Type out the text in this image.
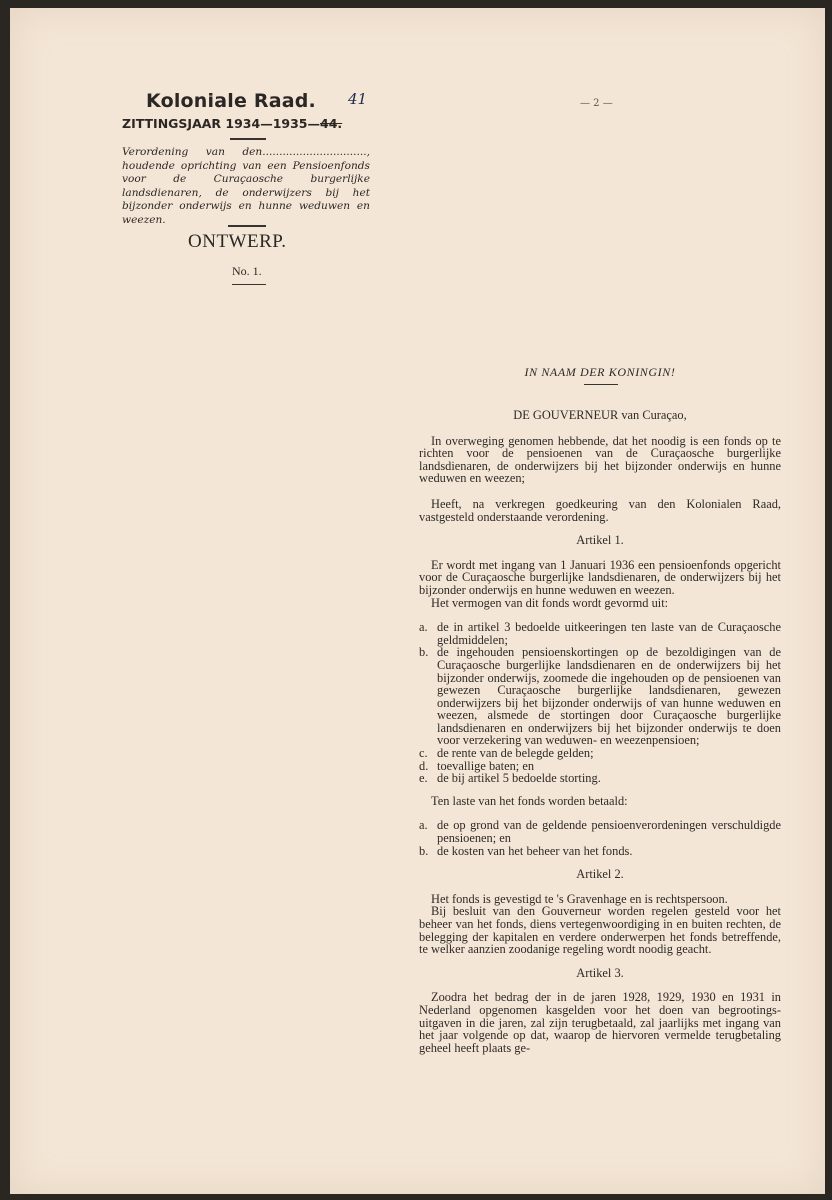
Koloniale Raad. 41
ZITTINGSJAAR 1934—1935—44.
Verordening van den..............................., houdende oprichting van een Pensioenfonds voor de Curaçaosche burgerlijke landsdienaren, de onderwijzers bij het bijzonder onderwijs en hunne weduwen en weezen.
ONTWERP.
No. 1.
— 2 —
IN NAAM DER KONINGIN!

DE GOUVERNEUR van Curaçao,

In overweging genomen hebbende, dat het noodig is een fonds op te richten voor de pensioenen van de Curaçaosche burgerlijke landsdienaren, de onderwijzers bij het bijzonder onderwijs en hunne weduwen en weezen;

Heeft, na verkregen goedkeuring van den Kolonialen Raad, vastgesteld onderstaande verordening.

Artikel 1.

Er wordt met ingang van 1 Januari 1936 een pensioenfonds opgericht voor de Curaçaosche burgerlijke landsdienaren, de onderwijzers bij het bijzonder onderwijs en hunne weduwen en weezen.

Het vermogen van dit fonds wordt gevormd uit:

a. de in artikel 3 bedoelde uitkeeringen ten laste van de Curaçaosche geldmiddelen;
b. de ingehouden pensioenskortingen op de bezoldigingen van de Curaçaosche burgerlijke landsdienaren en de onderwijzers bij het bijzonder onderwijs, zoomede die ingehouden op de pensioenen van gewezen Curaçaosche burgerlijke landsdienaren, gewezen onderwijzers bij het bijzonder onderwijs of van hunne weduwen en weezen, alsmede de stortingen door Curaçaosche burgerlijke landsdienaren en onderwijzers bij het bijzonder onderwijs te doen voor verzekering van weduwen- en weezenpensioen;
c. de rente van de belegde gelden;
d. toevallige baten; en
e. de bij artikel 5 bedoelde storting.

Ten laste van het fonds worden betaald:

a. de op grond van de geldende pensioenverordeningen verschuldigde pensioenen; en
b. de kosten van het beheer van het fonds.

Artikel 2.

Het fonds is gevestigd te 's Gravenhage en is rechtspersoon.

Bij besluit van den Gouverneur worden regelen gesteld voor het beheer van het fonds, diens vertegenwoordiging in en buiten rechten, de belegging der kapitalen en verdere onderwerpen het fonds betreffende, te welker aanzien zoodanige regeling wordt noodig geacht.

Artikel 3.

Zoodra het bedrag der in de jaren 1928, 1929, 1930 en 1931 in Nederland opgenomen kasgelden voor het doen van begrootings-uitgaven in die jaren, zal zijn terugbetaald, zal jaarlijks met ingang van het jaar volgende op dat, waarop de hiervoren vermelde terugbetaling geheel heeft plaats ge-
